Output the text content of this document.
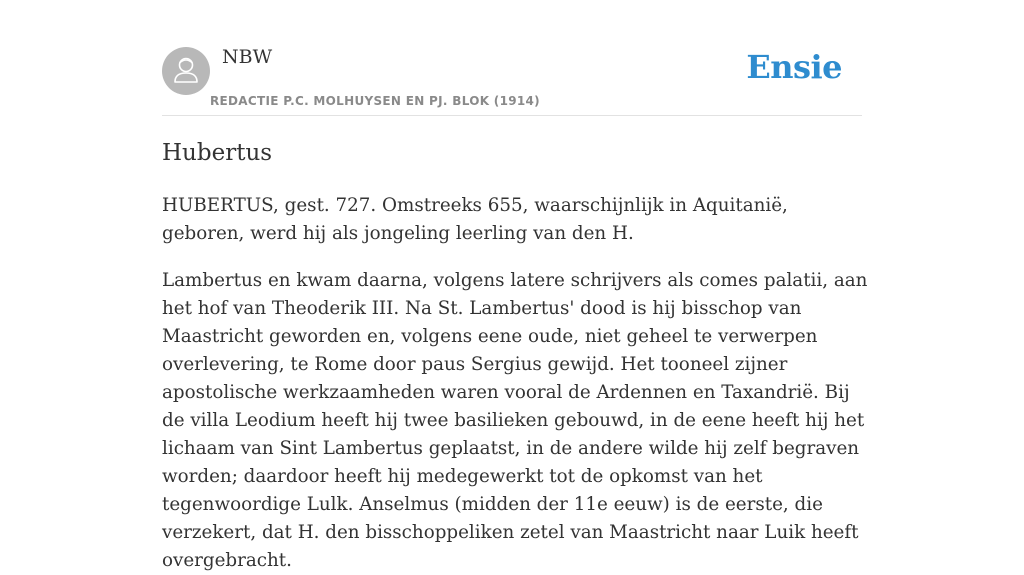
NBW
REDACTIE P.C. MOLHUYSEN EN PJ. BLOK (1914)
Ensie
Hubertus

HUBERTUS, gest. 727. Omstreeks 655, waarschijnlijk in Aquitanië, geboren, werd hij als jongeling leerling van den H.

Lambertus en kwam daarna, volgens latere schrijvers als comes palatii, aan het hof van Theoderik III. Na St. Lambertus' dood is hij bisschop van Maastricht geworden en, volgens eene oude, niet geheel te verwerpen overlevering, te Rome door paus Sergius gewijd. Het tooneel zijner apostolische werkzaamheden waren vooral de Ardennen en Taxandrië. Bij de villa Leodium heeft hij twee basilieken gebouwd, in de eene heeft hij het lichaam van Sint Lambertus geplaatst, in de andere wilde hij zelf begraven worden; daardoor heeft hij medegewerkt tot de opkomst van het tegenwoordige Lulk. Anselmus (midden der 11e eeuw) is de eerste, die verzekert, dat H. den bisschoppeliken zetel van Maastricht naar Luik heeft overgebracht.
